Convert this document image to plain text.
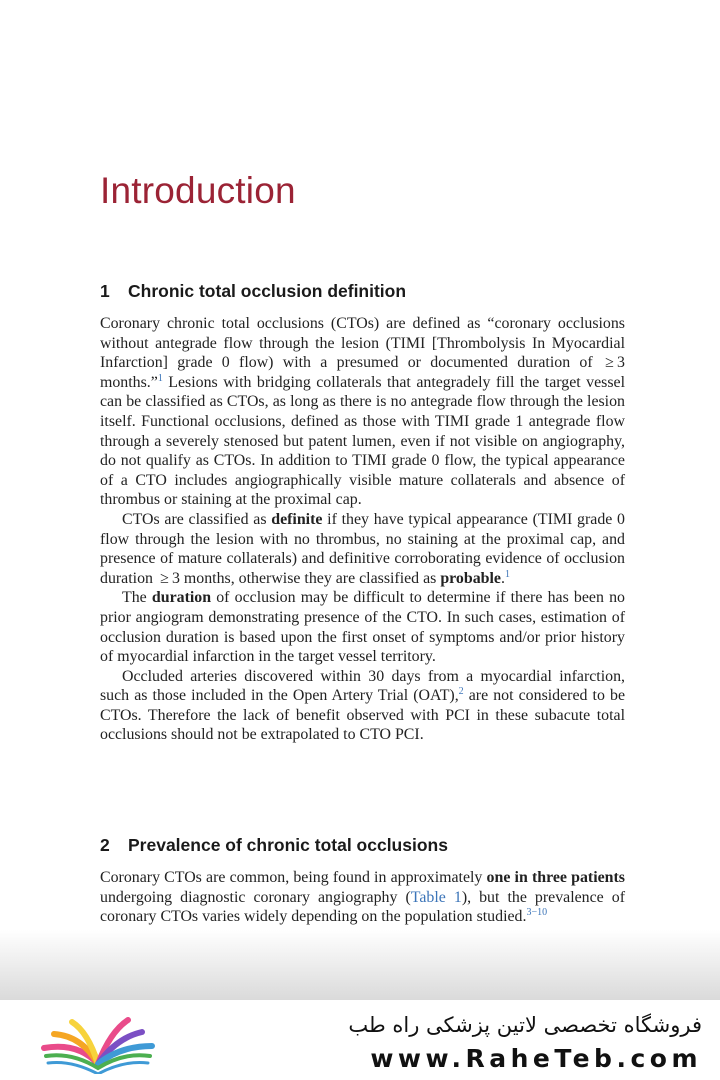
Introduction
1 Chronic total occlusion definition

Coronary chronic total occlusions (CTOs) are defined as “coronary occlusions without antegrade flow through the lesion (TIMI [Thrombolysis In Myocardial Infarction] grade 0 flow) with a presumed or documented duration of  ≥ 3 months.”$^1$ Lesions with bridging collaterals that antegradely fill the target vessel can be classified as CTOs, as long as there is no antegrade flow through the lesion itself. Functional occlusions, defined as those with TIMI grade 1 antegrade flow through a severely stenosed but patent lumen, even if not visible on angiography, do not qualify as CTOs. In addition to TIMI grade 0 flow, the typical appearance of a CTO includes angiographically visible mature collaterals and absence of thrombus or staining at the proximal cap.

CTOs are classified as definite if they have typical appearance (TIMI grade 0 flow through the lesion with no thrombus, no staining at the proximal cap, and presence of mature collaterals) and definitive corroborating evidence of occlusion duration  ≥ 3 months, otherwise they are classified as probable.$^1$

The duration of occlusion may be difficult to determine if there has been no prior angiogram demonstrating presence of the CTO. In such cases, estimation of occlusion duration is based upon the first onset of symptoms and/or prior history of myocardial infarction in the target vessel territory.

Occluded arteries discovered within 30 days from a myocardial infarction, such as those included in the Open Artery Trial (OAT),$^2$ are not considered to be CTOs. Therefore the lack of benefit observed with PCI in these subacute total occlusions should not be extrapolated to CTO PCI.

2 Prevalence of chronic total occlusions

Coronary CTOs are common, being found in approximately one in three patients undergoing diagnostic coronary angiography (Table 1), but the prevalence of coronary CTOs varies widely depending on the population studied.$^{3-10}$

فروشگاه تخصصی لاتین پزشکی راه طب
www.RaheTeb.com
